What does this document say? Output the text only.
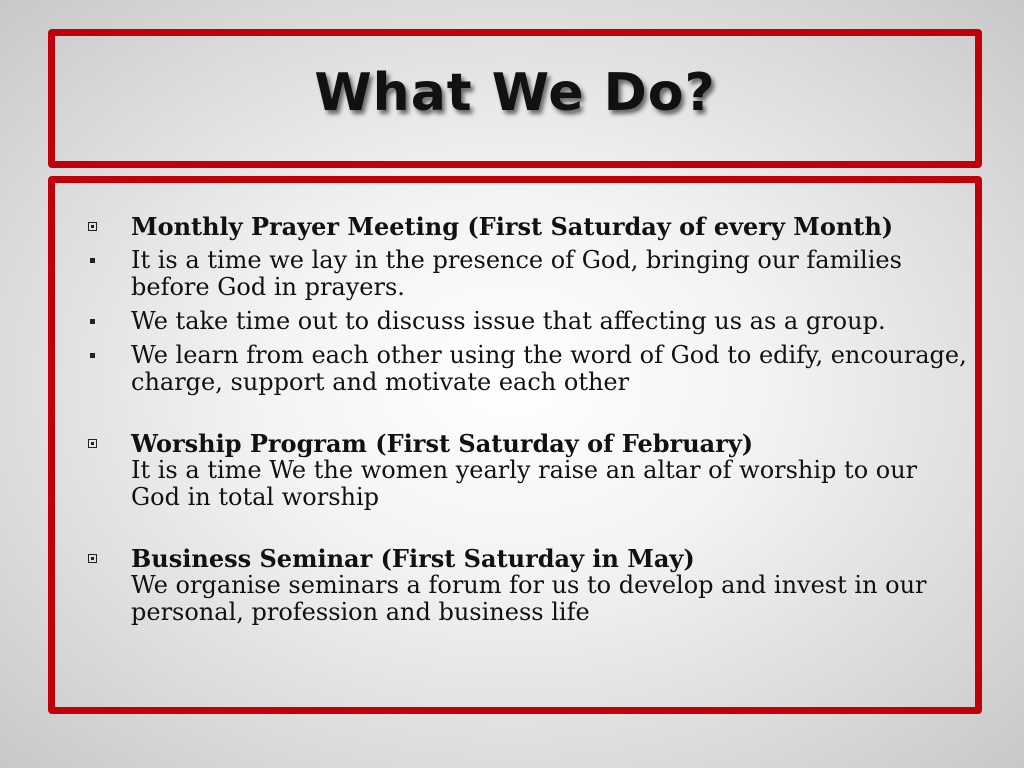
What We Do?
Monthly Prayer Meeting (First Saturday of every Month)
It is a time we lay in the presence of God, bringing our families before God in prayers.
We take time out to discuss issue that affecting us as a group.
We learn from each other using the word of God to edify, encourage, charge, support and motivate each other
Worship Program (First Saturday of February)
It is a time We the women yearly raise an altar of worship to our God in total worship
Business Seminar (First Saturday in May)
We organise seminars a forum for us to develop and invest in our personal, profession and business life
